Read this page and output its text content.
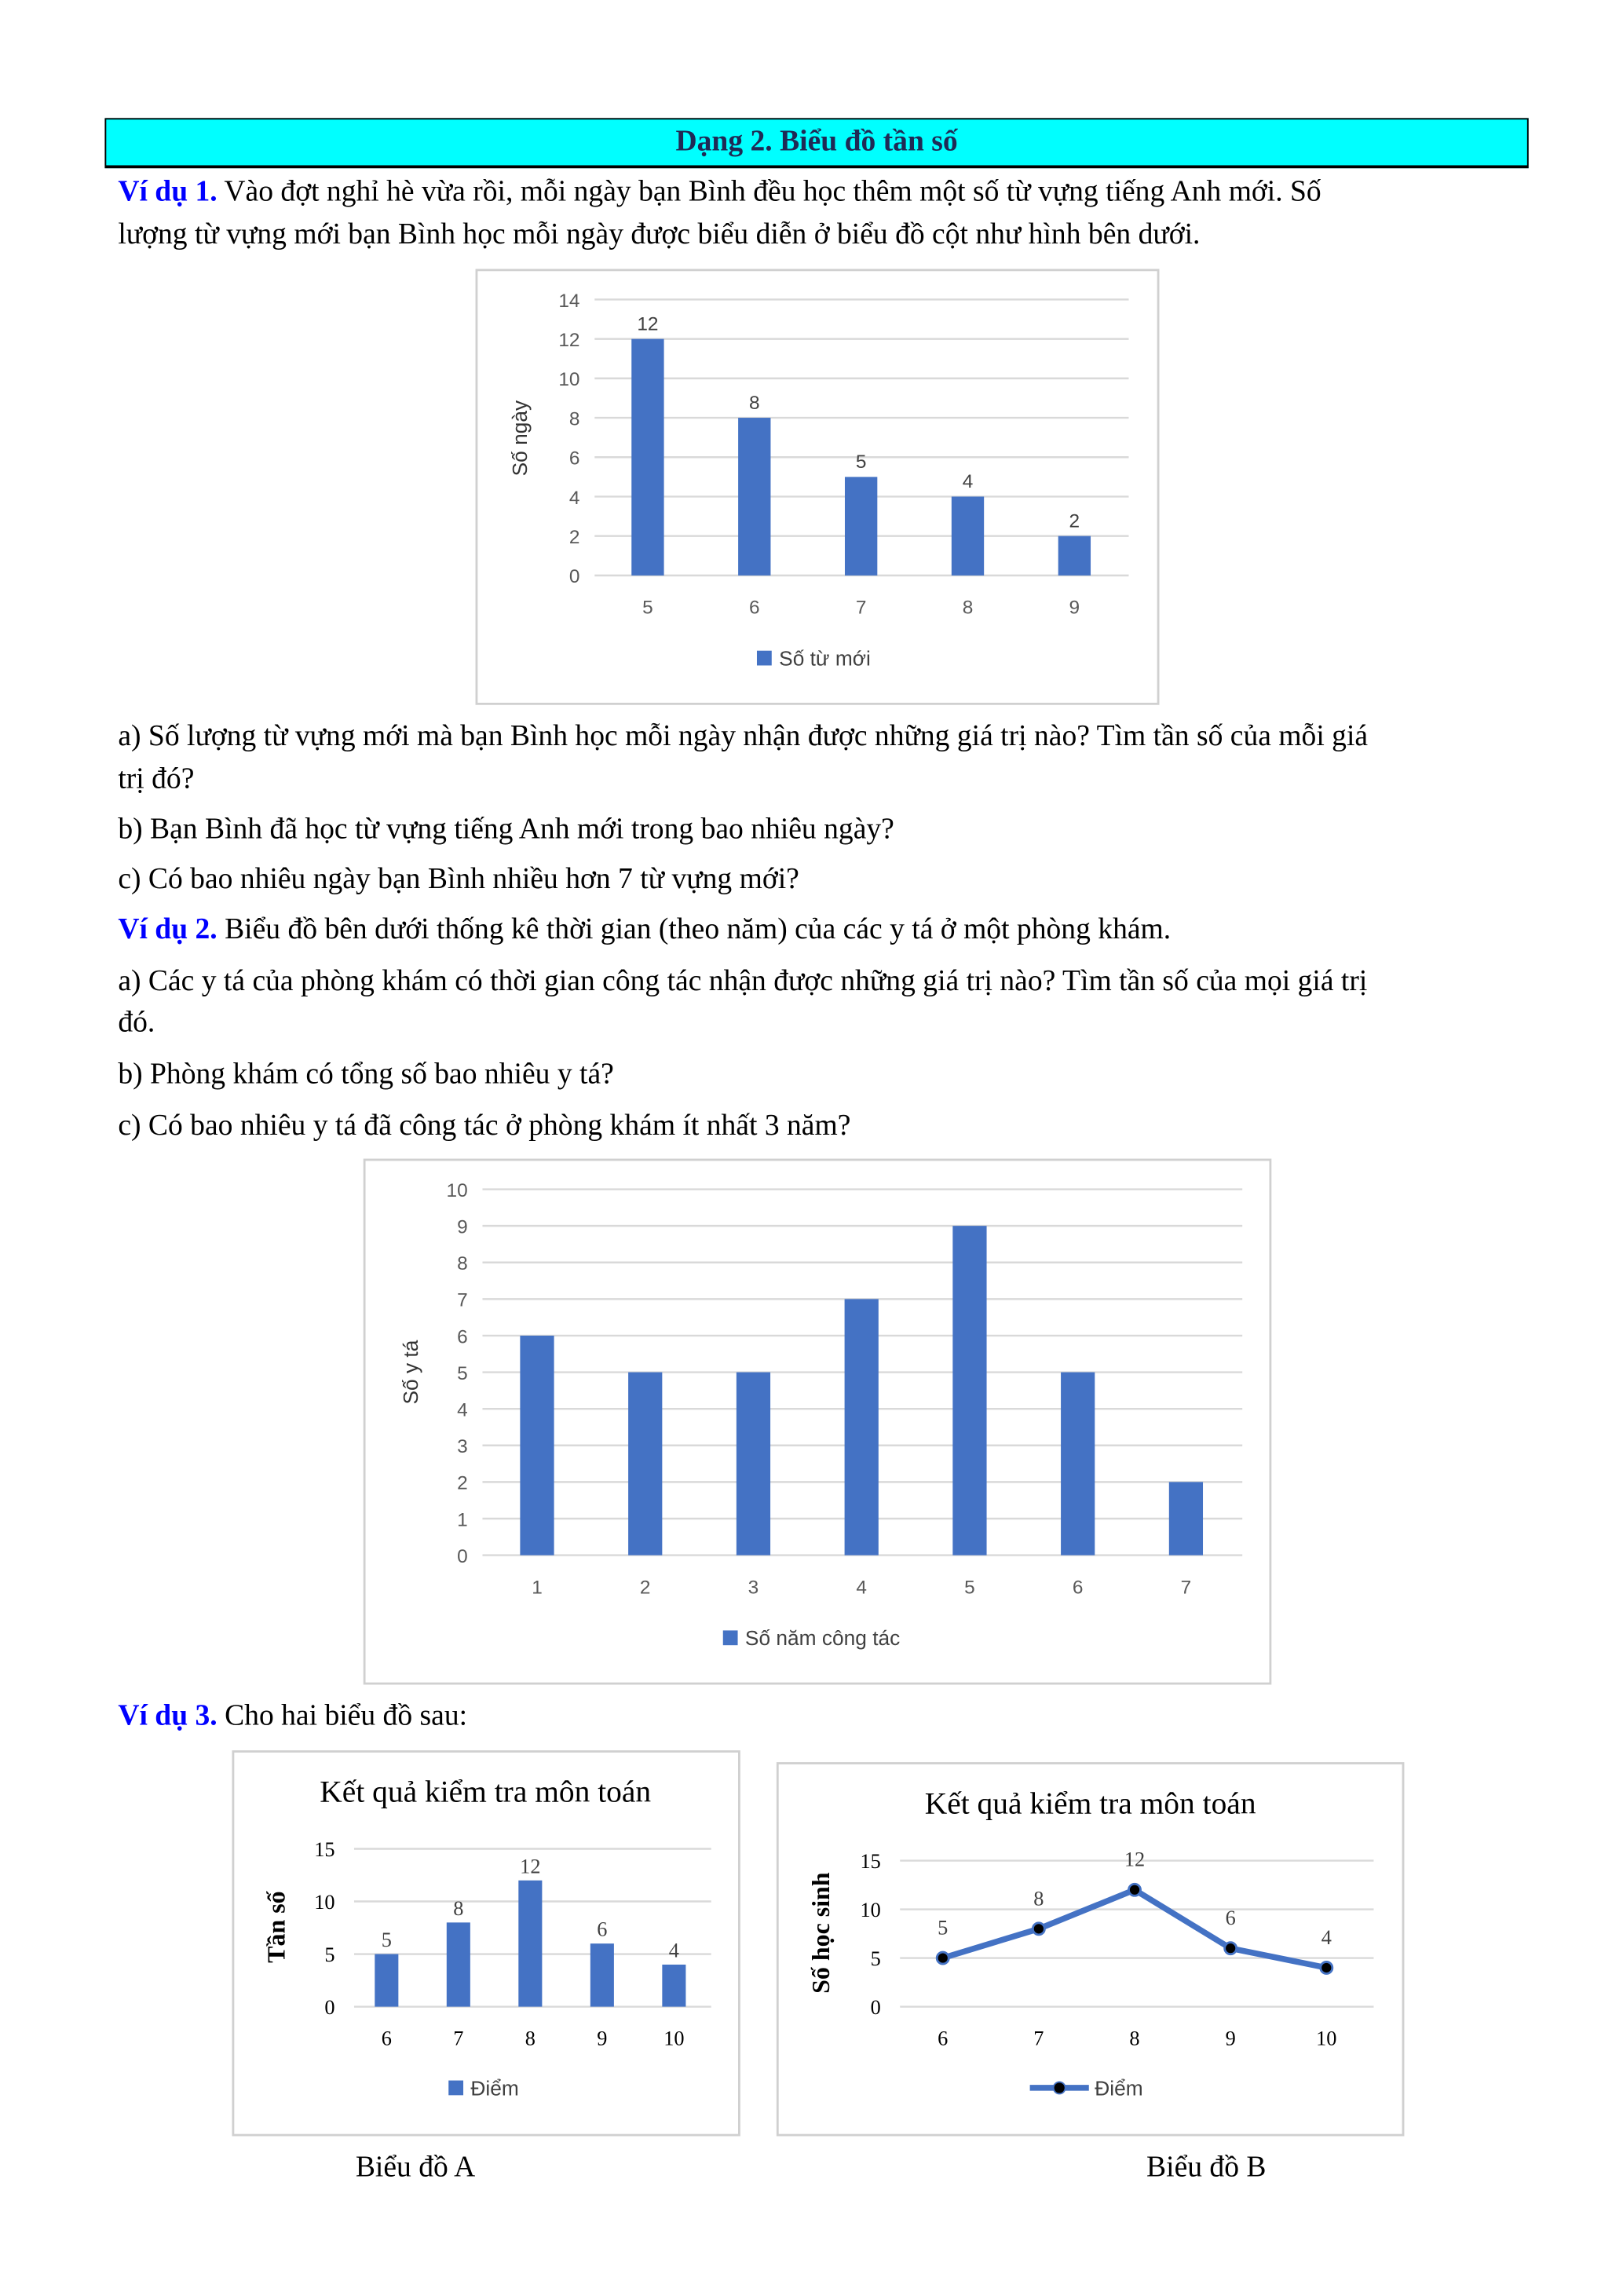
Dạng 2. Biểu đồ tần số
Ví dụ 1. Vào đợt nghỉ hè vừa rồi, mỗi ngày bạn Bình đều học thêm một số từ vựng tiếng Anh mới. Số
lượng từ vựng mới bạn Bình học mỗi ngày được biểu diễn ở biểu đồ cột như hình bên dưới.
a) Số lượng từ vựng mới mà bạn Bình học mỗi ngày nhận được những giá trị nào? Tìm tần số của mỗi giá
trị đó?
b) Bạn Bình đã học từ vựng tiếng Anh mới trong bao nhiêu ngày?
c) Có bao nhiêu ngày bạn Bình nhiều hơn 7 từ vựng mới?
Ví dụ 2. Biểu đồ bên dưới thống kê thời gian (theo năm) của các y tá ở một phòng khám.
a) Các y tá của phòng khám có thời gian công tác nhận được những giá trị nào? Tìm tần số của mọi giá trị
đó.
b) Phòng khám có tổng số bao nhiêu y tá?
c) Có bao nhiêu y tá đã công tác ở phòng khám ít nhất 3 năm?
Ví dụ 3. Cho hai biểu đồ sau:
Biểu đồ A	Biểu đồ B
0
2
4
6
8
10
12
14
Số ngày
5	6	7	8	9
12
8
5
4
2
Số từ mới
0
1
2
3
4
5
6
7
8
9
10
Số y tá
1	2	3	4	5	6	7
Số năm công tác
0
5
10
15
Kết quả kiểm tra môn toán
Tần số
6	7	8	9	10
5
8
12
6
4
Điểm
0
5
10
15
Kết quả kiểm tra môn toán
Số học sinh
6	7	8	9	10
5
8
12
6
4
Điểm
